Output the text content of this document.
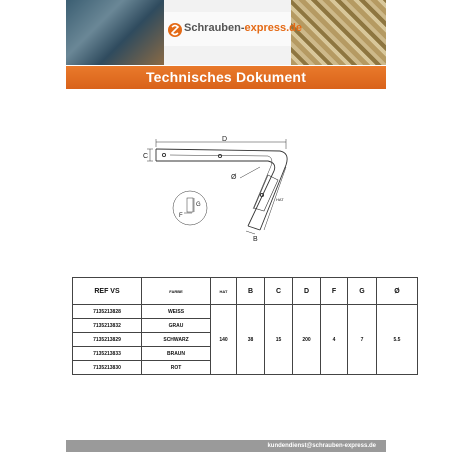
Schrauben-express.de
Technisches Dokument
D
C
Ø
G
F
B
HAT
REF VS	FARBE	HAT	B	C	D	F	G	Ø
7135213828	WEISS	140	38	15	200	4	7	5.5
7135213832	GRAU							
7135213829	SCHWARZ							
7135213833	BRAUN							
7135213830	ROT							
kundendienst@schrauben-express.de
